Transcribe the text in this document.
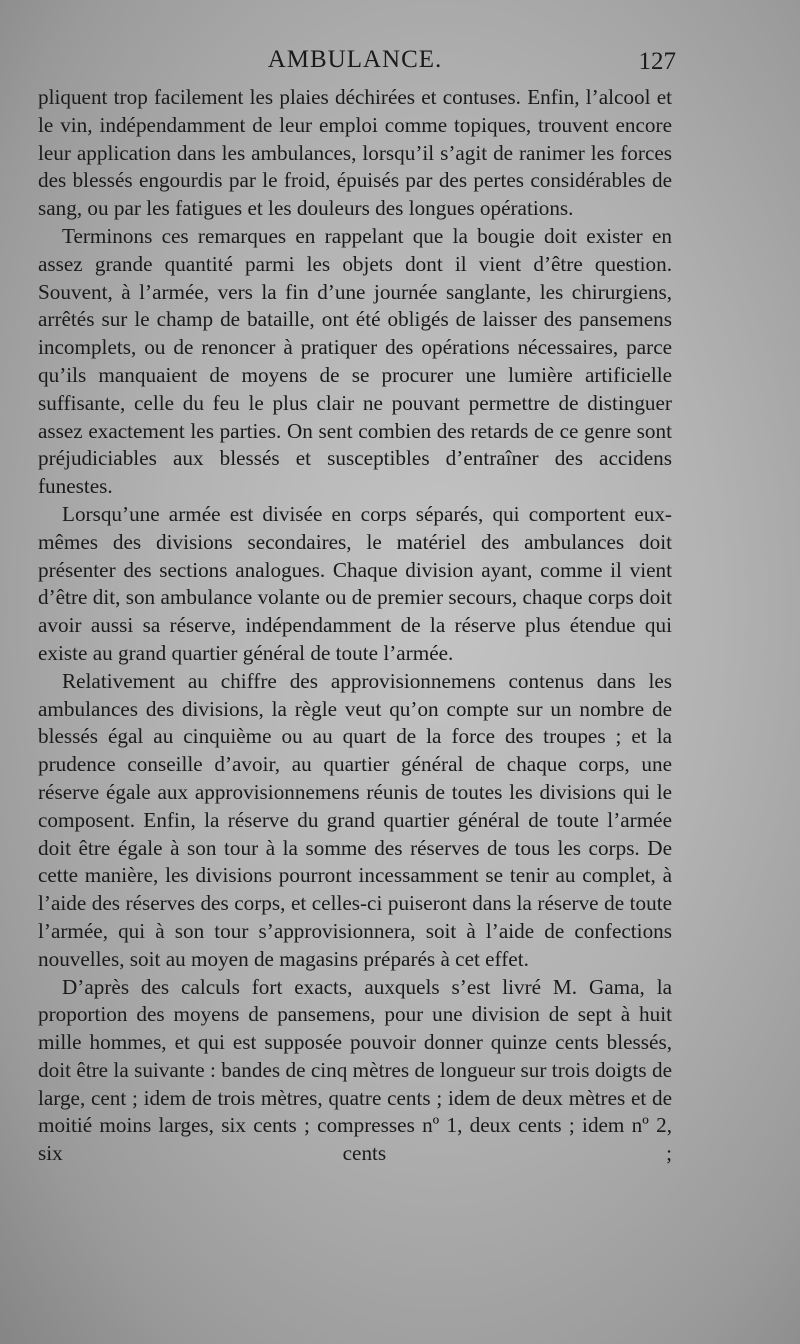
AMBULANCE.	127

pliquent trop facilement les plaies déchirées et contuses. Enfin, l’alcool et le vin, indépendamment de leur emploi comme topiques, trouvent encore leur application dans les ambulances, lorsqu’il s’agit de ranimer les forces des blessés engourdis par le froid, épuisés par des pertes considérables de sang, ou par les fatigues et les douleurs des longues opérations.

Terminons ces remarques en rappelant que la bougie doit exister en assez grande quantité parmi les objets dont il vient d’être question. Souvent, à l’armée, vers la fin d’une journée sanglante, les chirurgiens, arrêtés sur le champ de bataille, ont été obligés de laisser des pansemens incomplets, ou de renoncer à pratiquer des opérations nécessaires, parce qu’ils manquaient de moyens de se procurer une lumière artificielle suffisante, celle du feu le plus clair ne pouvant permettre de distinguer assez exactement les parties. On sent combien des retards de ce genre sont préjudiciables aux blessés et susceptibles d’entraîner des accidens funestes.

Lorsqu’une armée est divisée en corps séparés, qui comportent eux-mêmes des divisions secondaires, le matériel des ambulances doit présenter des sections analogues. Chaque division ayant, comme il vient d’être dit, son ambulance volante ou de premier secours, chaque corps doit avoir aussi sa réserve, indépendamment de la réserve plus étendue qui existe au grand quartier général de toute l’armée.

Relativement au chiffre des approvisionnemens contenus dans les ambulances des divisions, la règle veut qu’on compte sur un nombre de blessés égal au cinquième ou au quart de la force des troupes ; et la prudence conseille d’avoir, au quartier général de chaque corps, une réserve égale aux approvisionnemens réunis de toutes les divisions qui le composent. Enfin, la réserve du grand quartier général de toute l’armée doit être égale à son tour à la somme des réserves de tous les corps. De cette manière, les divisions pourront incessamment se tenir au complet, à l’aide des réserves des corps, et celles-ci puiseront dans la réserve de toute l’armée, qui à son tour s’approvisionnera, soit à l’aide de confections nouvelles, soit au moyen de magasins préparés à cet effet.

D’après des calculs fort exacts, auxquels s’est livré M. Gama, la proportion des moyens de pansemens, pour une division de sept à huit mille hommes, et qui est supposée pouvoir donner quinze cents blessés, doit être la suivante : bandes de cinq mètres de longueur sur trois doigts de large, cent ; idem de trois mètres, quatre cents ; idem de deux mètres et de moitié moins larges, six cents ; compresses nº 1, deux cents ; idem nº 2, six cents ;
